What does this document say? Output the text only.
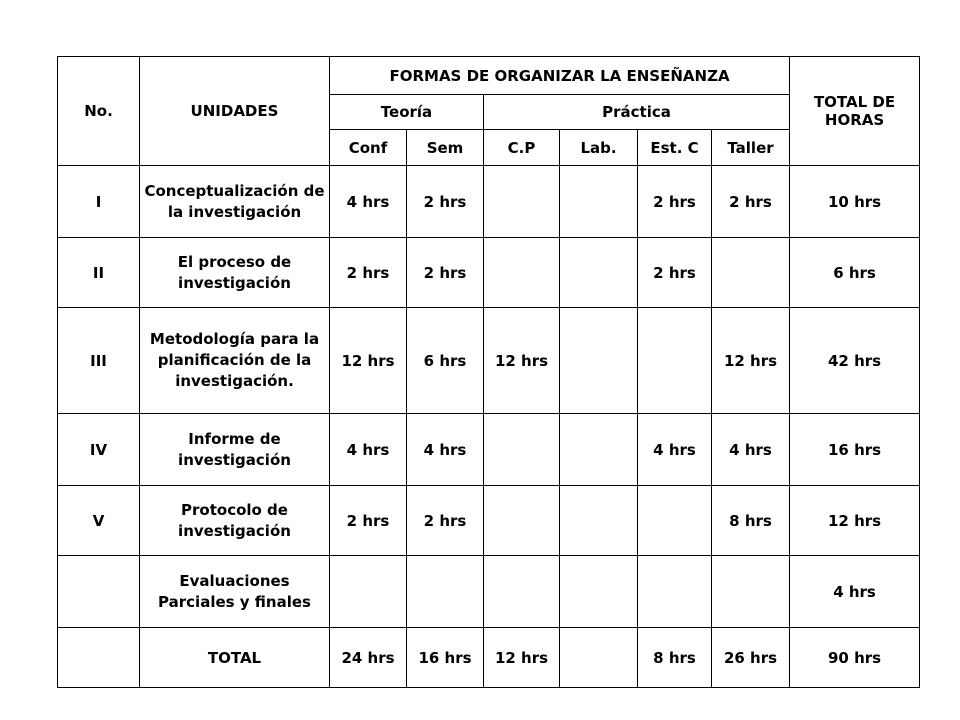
No.	UNIDADES	FORMAS DE ORGANIZAR LA ENSEÑANZA						TOTAL DE HORAS
		Teoría		Práctica				
		Conf	Sem	C.P	Lab.	Est. C	Taller	
I	Conceptualización de la investigación	4 hrs	2 hrs			2 hrs	2 hrs	10 hrs
II	El proceso de investigación	2 hrs	2 hrs			2 hrs		6 hrs
III	Metodología para la planificación de la investigación.	12 hrs	6 hrs	12 hrs			12 hrs	42 hrs
IV	Informe de investigación	4 hrs	4 hrs			4 hrs	4 hrs	16 hrs
V	Protocolo de investigación	2 hrs	2 hrs				8 hrs	12 hrs
	Evaluaciones Parciales y finales							4 hrs
	TOTAL	24 hrs	16 hrs	12 hrs		8 hrs	26 hrs	90 hrs
